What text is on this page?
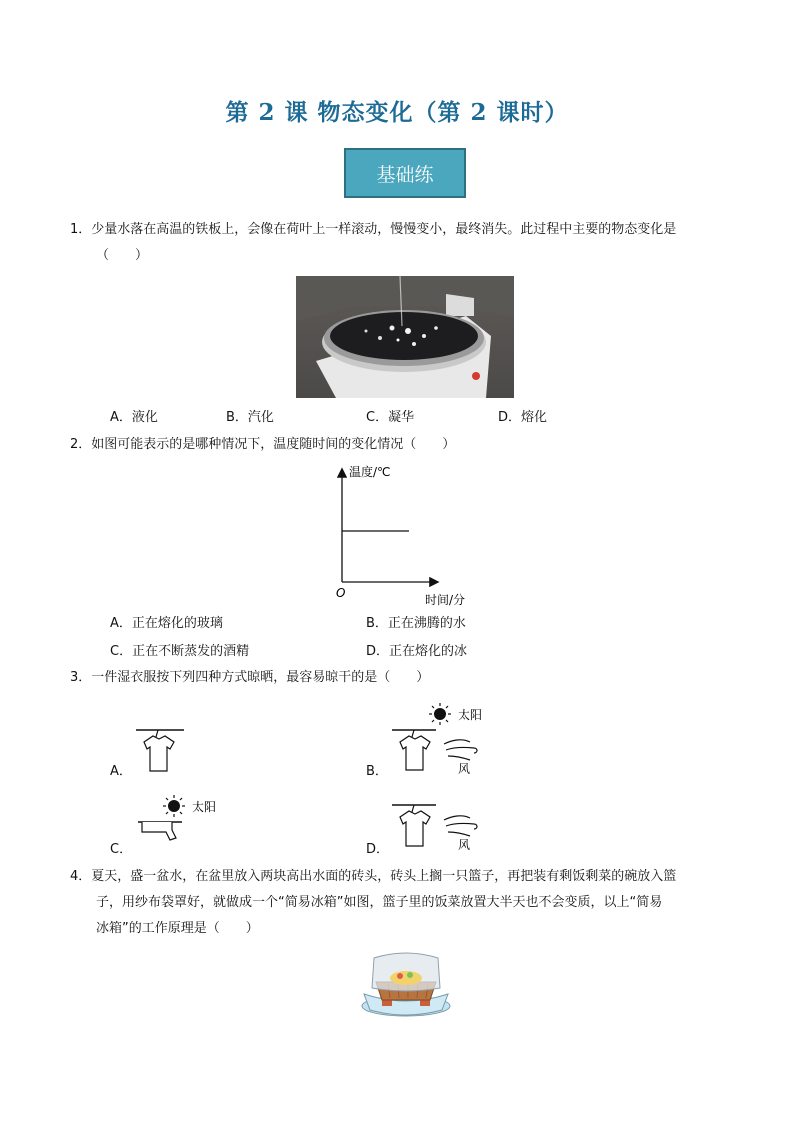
第 2 课 物态变化（第 2 课时）
基础练
1．少量水落在高温的铁板上，会像在荷叶上一样滚动，慢慢变小，最终消失。此过程中主要的物态变化是
（　　）
A．液化	B．汽化	C．凝华	D．熔化
2．如图可能表示的是哪种情况下，温度随时间的变化情况（　　）
温度/℃
时间/分
O
A．正在熔化的玻璃	B．正在沸腾的水
C．正在不断蒸发的酒精	D．正在熔化的冰
3．一件湿衣服按下列四种方式晾晒，最容易晾干的是（　　）
A．	B．
太阳
风
C．
太阳
D．	风
4．夏天，盛一盆水，在盆里放入两块高出水面的砖头，砖头上搁一只篮子，再把装有剩饭剩菜的碗放入篮
子，用纱布袋罩好，就做成一个“简易冰箱”如图，篮子里的饭菜放置大半天也不会变质，以上“简易
冰箱”的工作原理是（　　）
